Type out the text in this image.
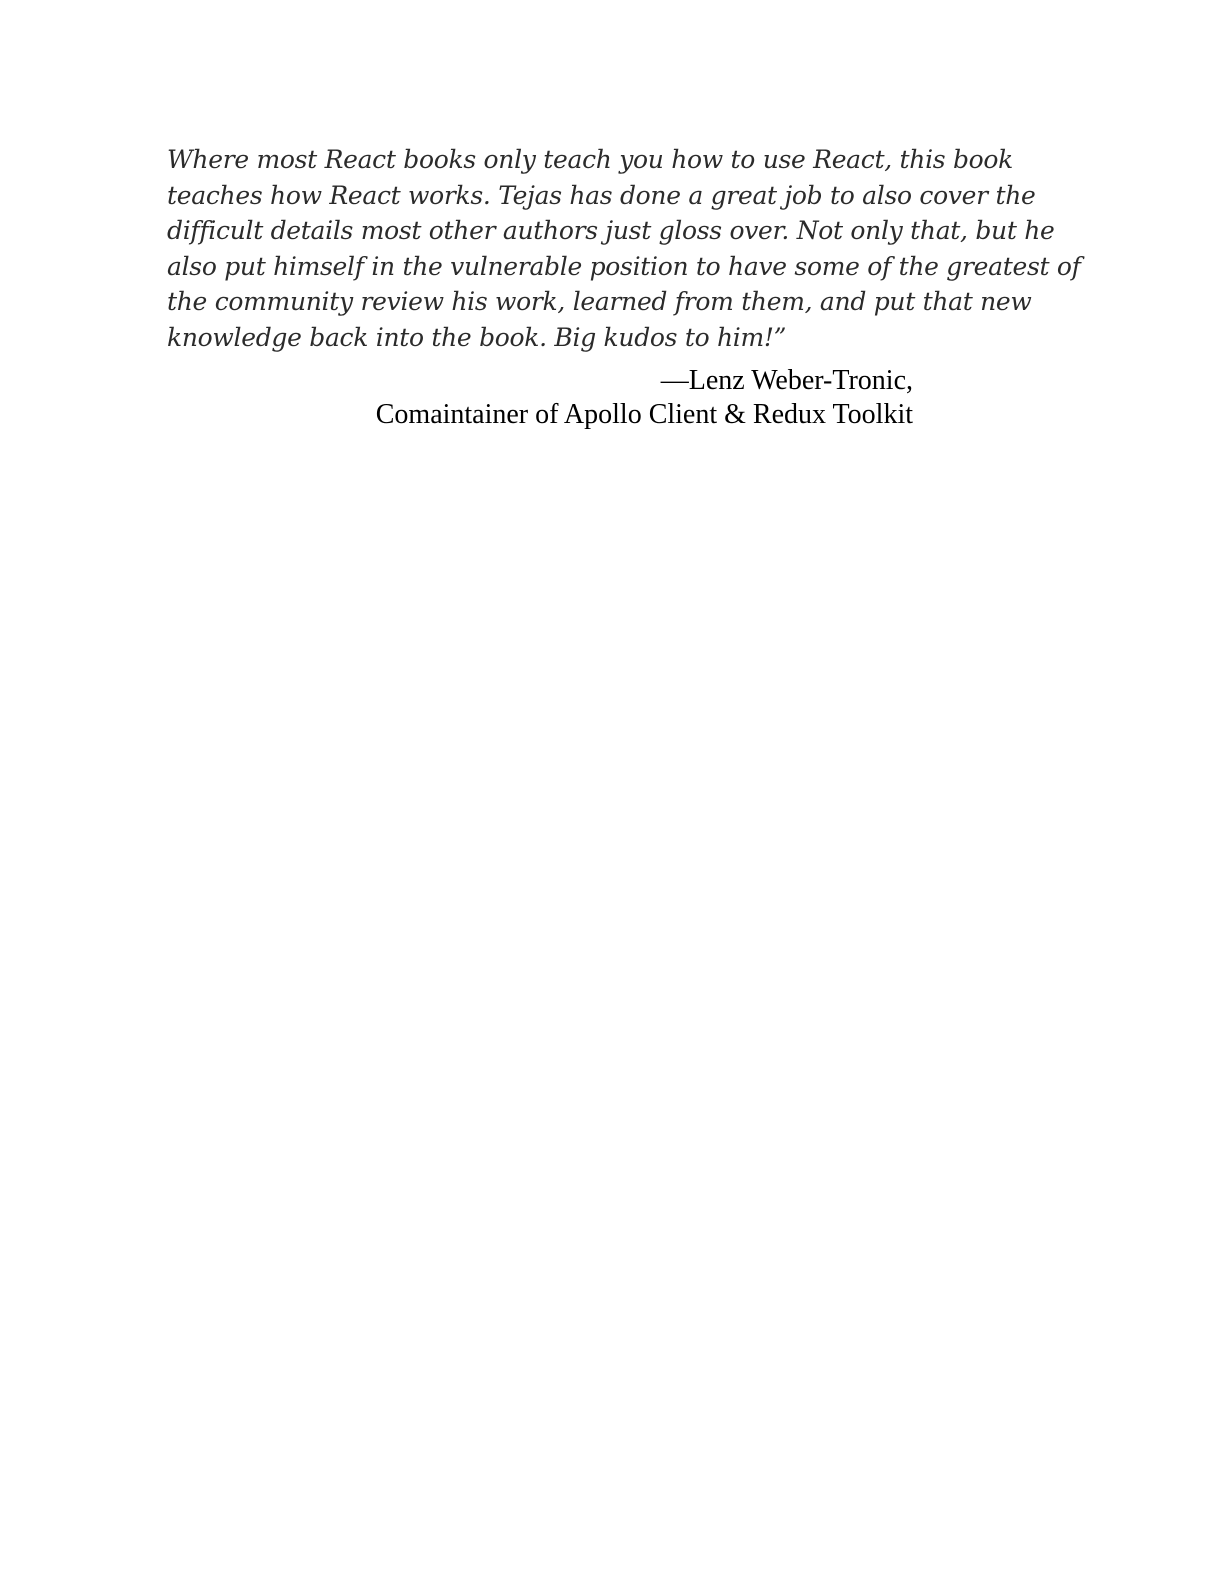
Where most React books only teach you how to use React, this book
teaches how React works. Tejas has done a great job to also cover the
difficult details most other authors just gloss over. Not only that, but he
also put himself in the vulnerable position to have some of the greatest of
the community review his work, learned from them, and put that new
knowledge back into the book. Big kudos to him!”
—Lenz Weber-Tronic,
Comaintainer of Apollo Client & Redux Toolkit
